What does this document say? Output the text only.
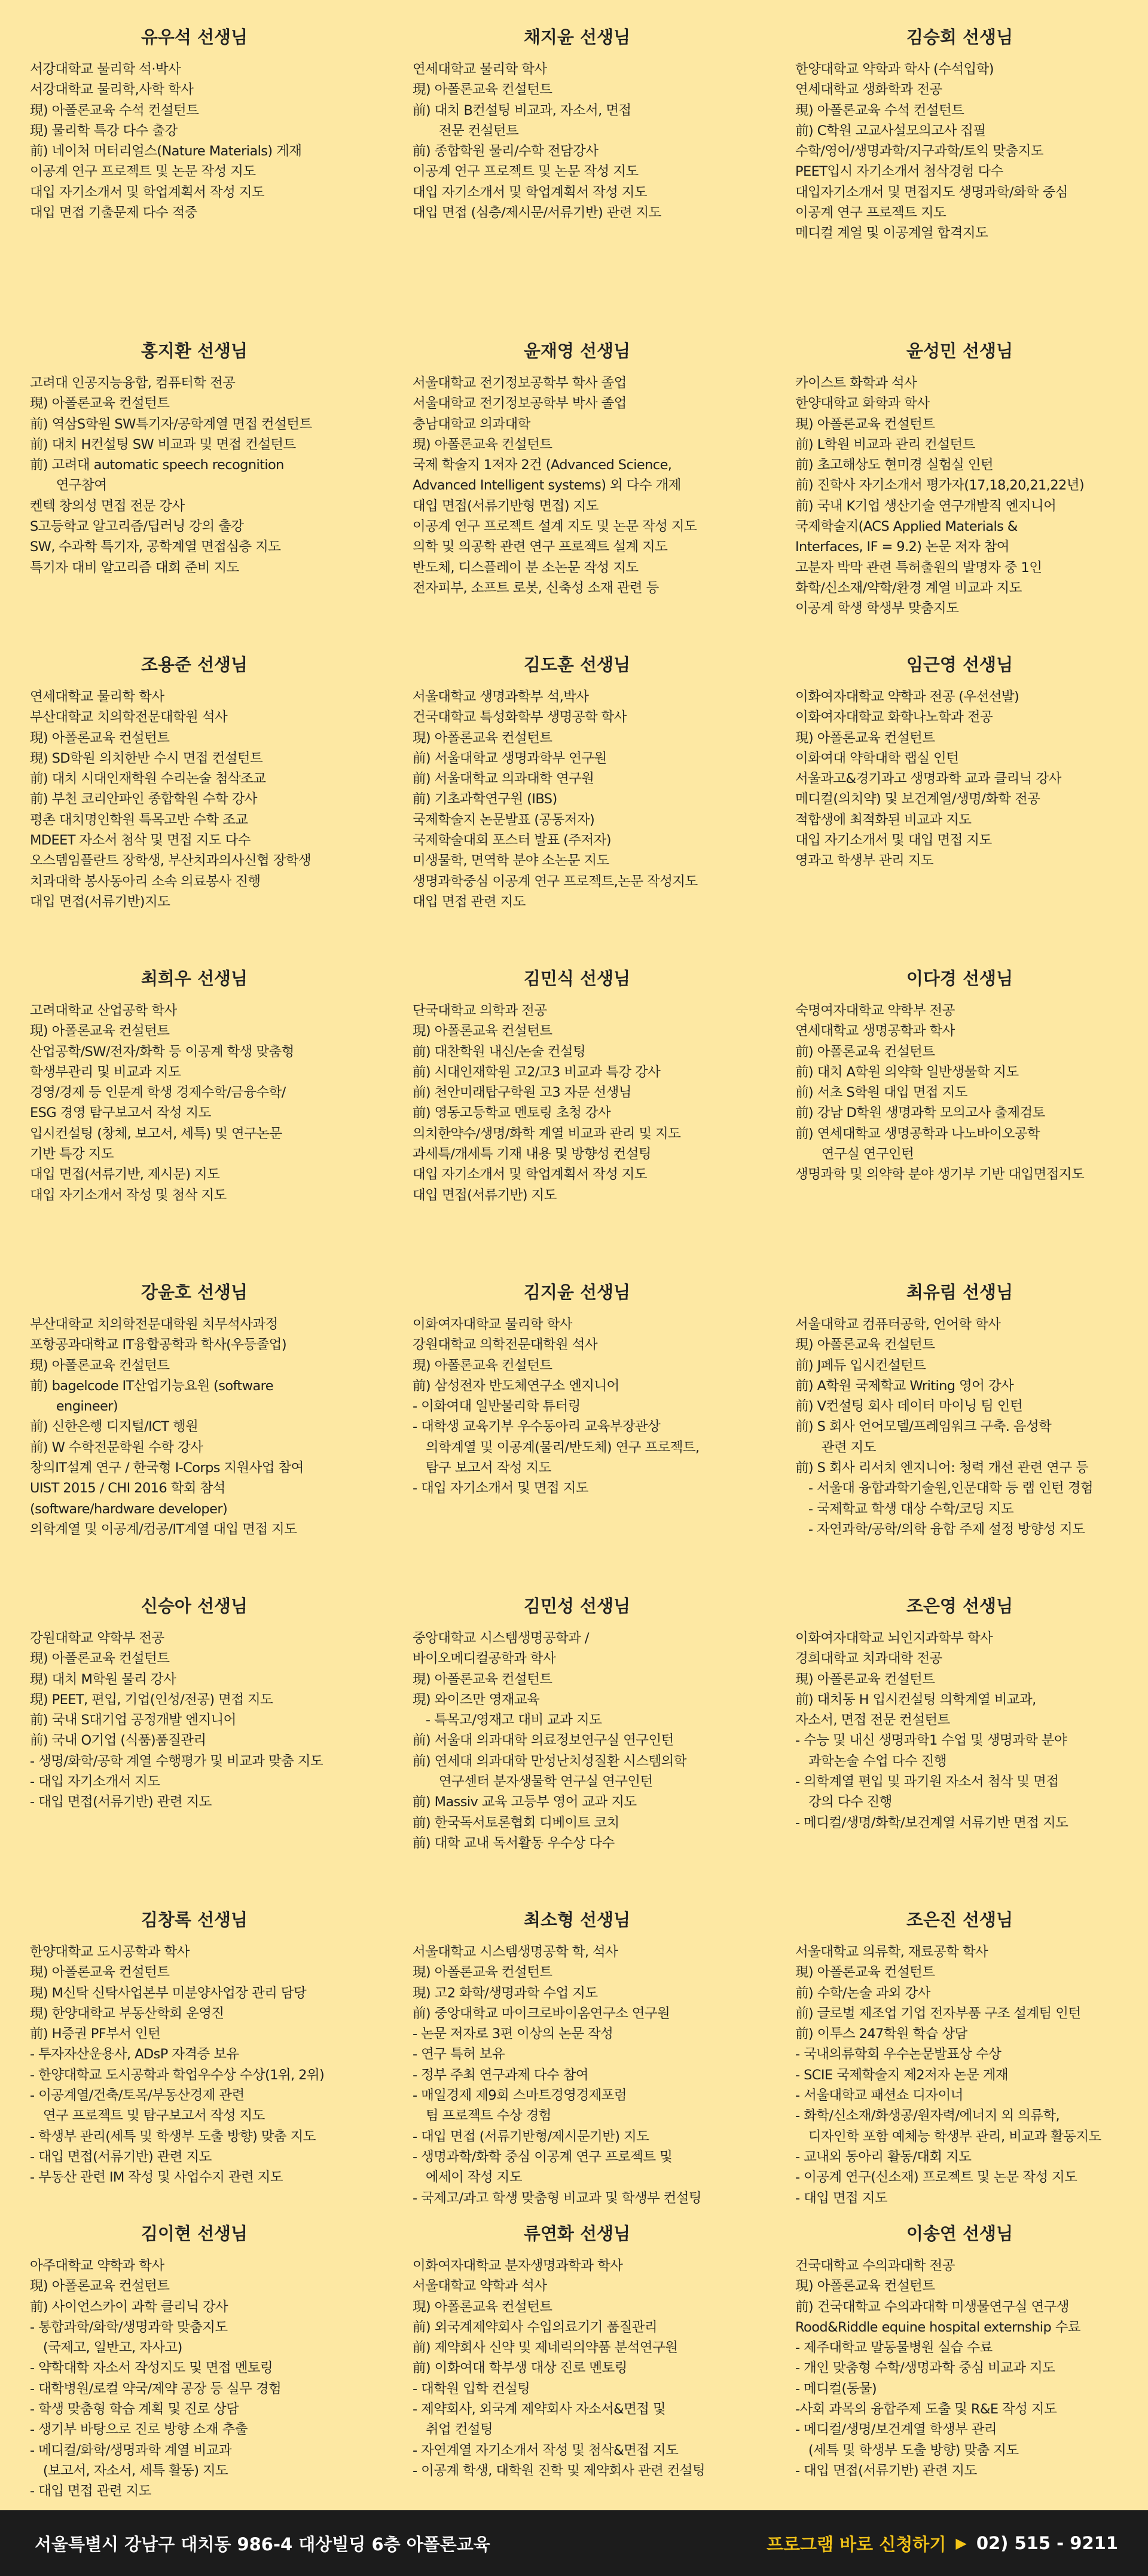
유우석 선생님
서강대학교 물리학 석·박사
서강대학교 물리학,사학 학사
現) 아폴론교육 수석 컨설턴트
現) 물리학 특강 다수 출강
前) 네이처 머터리얼스(Nature Materials) 게재
이공계 연구 프로젝트 및 논문 작성 지도
대입 자기소개서 및 학업계획서 작성 지도
대입 면접 기출문제 다수 적중
채지윤 선생님
연세대학교 물리학 학사
現) 아폴론교육 컨설턴트
前) 대치 B컨설팅 비교과, 자소서, 면접
　　전문 컨설턴트
前) 종합학원 물리/수학 전담강사
이공계 연구 프로젝트 및 논문 작성 지도
대입 자기소개서 및 학업계획서 작성 지도
대입 면접 (심층/제시문/서류기반) 관련 지도
김승회 선생님
한양대학교 약학과 학사 (수석입학)
연세대학교 생화학과 전공
現) 아폴론교육 수석 컨설턴트
前) C학원 고교사설모의고사 집필
수학/영어/생명과학/지구과학/토익 맞춤지도
PEET입시 자기소개서 첨삭경험 다수
대입자기소개서 및 면접지도 생명과학/화학 중심
이공계 연구 프로젝트 지도
메디컬 계열 및 이공계열 합격지도
홍지환 선생님
고려대 인공지능융합, 컴퓨터학 전공
現) 아폴론교육 컨설턴트
前) 역삼S학원 SW특기자/공학계열 면접 컨설턴트
前) 대치 H컨설팅 SW 비교과 및 면접 컨설턴트
前) 고려대 automatic speech recognition
　　연구참여
켄텍 창의성 면접 전문 강사
S고등학교 알고리즘/딥러닝 강의 출강
SW, 수과학 특기자, 공학계열 면접심층 지도
특기자 대비 알고리즘 대회 준비 지도
윤재영 선생님
서울대학교 전기정보공학부 학사 졸업
서울대학교 전기정보공학부 박사 졸업
충남대학교 의과대학
現) 아폴론교육 컨설턴트
국제 학술지 1저자 2건 (Advanced Science,
Advanced Intelligent systems) 외 다수 개제
대입 면접(서류기반형 면접) 지도
이공계 연구 프로젝트 설계 지도 및 논문 작성 지도
의학 및 의공학 관련 연구 프로젝트 설계 지도
반도체, 디스플레이 분 소논문 작성 지도
전자피부, 소프트 로봇, 신축성 소재 관련 등
윤성민 선생님
카이스트 화학과 석사
한양대학교 화학과 학사
現) 아폴론교육 컨설턴트
前) L학원 비교과 관리 컨설턴트
前) 초고해상도 현미경 실험실 인턴
前) 진학사 자기소개서 평가자(17,18,20,21,22년)
前) 국내 K기업 생산기술 연구개발직 엔지니어
국제학술지(ACS Applied Materials &
Interfaces, IF = 9.2) 논문 저자 참여
고분자 박막 관련 특허출원의 발명자 중 1인
화학/신소재/약학/환경 계열 비교과 지도
이공계 학생 학생부 맞춤지도
조용준 선생님
연세대학교 물리학 학사
부산대학교 치의학전문대학원 석사
現) 아폴론교육 컨설턴트
現) SD학원 의치한반 수시 면접 컨설턴트
前) 대치 시대인재학원 수리논술 첨삭조교
前) 부천 코리안파인 종합학원 수학 강사
평촌 대치명인학원 특목고반 수학 조교
MDEET 자소서 첨삭 및 면접 지도 다수
오스템임플란트 장학생, 부산치과의사신협 장학생
치과대학 봉사동아리 소속 의료봉사 진행
대입 면접(서류기반)지도
김도훈 선생님
서울대학교 생명과학부 석,박사
건국대학교 특성화학부 생명공학 학사
現) 아폴론교육 컨설턴트
前) 서울대학교 생명과학부 연구원
前) 서울대학교 의과대학 연구원
前) 기초과학연구원 (IBS)
국제학술지 논문발표 (공동저자)
국제학술대회 포스터 발표 (주저자)
미생물학, 면역학 분야 소논문 지도
생명과학중심 이공계 연구 프로젝트,논문 작성지도
대입 면접 관련 지도
임근영 선생님
이화여자대학교 약학과 전공 (우선선발)
이화여자대학교 화학나노학과 전공
現) 아폴론교육 컨설턴트
이화여대 약학대학 랩실 인턴
서울과고&경기과고 생명과학 교과 클리닉 강사
메디컬(의치약) 및 보건계열/생명/화학 전공
적합생에 최적화된 비교과 지도
대입 자기소개서 및 대입 면접 지도
영과고 학생부 관리 지도
최희우 선생님
고려대학교 산업공학 학사
現) 아폴론교육 컨설턴트
산업공학/SW/전자/화학 등 이공계 학생 맞춤형
학생부관리 및 비교과 지도
경영/경제 등 인문계 학생 경제수학/금융수학/
ESG 경영 탐구보고서 작성 지도
입시컨설팅 (창체, 보고서, 세특) 및 연구논문
기반 특강 지도
대입 면접(서류기반, 제시문) 지도
대입 자기소개서 작성 및 첨삭 지도
김민식 선생님
단국대학교 의학과 전공
現) 아폴론교육 컨설턴트
前) 대찬학원 내신/논술 컨설팅
前) 시대인재학원 고2/고3 비교과 특강 강사
前) 천안미래탑구학원 고3 자문 선생님
前) 영동고등학교 멘토링 초청 강사
의치한약수/생명/화학 계열 비교과 관리 및 지도
과세특/개세특 기재 내용 및 방향성 컨설팅
대입 자기소개서 및 학업계획서 작성 지도
대입 면접(서류기반) 지도
이다경 선생님
숙명여자대학교 약학부 전공
연세대학교 생명공학과 학사
前) 아폴론교육 컨설턴트
前) 대치 A학원 의약학 일반생물학 지도
前) 서초 S학원 대입 면접 지도
前) 강남 D학원 생명과학 모의고사 출제검토
前) 연세대학교 생명공학과 나노바이오공학
　　연구실 연구인턴
생명과학 및 의약학 분야 생기부 기반 대입면접지도
강윤호 선생님
부산대학교 치의학전문대학원 치무석사과정
포항공과대학교 IT융합공학과 학사(우등졸업)
現) 아폴론교육 컨설턴트
前) bagelcode IT산업기능요원 (software
　　engineer)
前) 신한은행 디지털/ICT 행원
前) W 수학전문학원 수학 강사
창의IT설계 연구 / 한국형 I-Corps 지원사업 참여
UIST 2015 / CHI 2016 학회 참석
(software/hardware developer)
의학계열 및 이공계/컴공/IT계열 대입 면접 지도
김지윤 선생님
이화여자대학교 물리학 학사
강원대학교 의학전문대학원 석사
現) 아폴론교육 컨설턴트
前) 삼성전자 반도체연구소 엔지니어
- 이화여대 일반물리학 튜터링
- 대학생 교육기부 우수동아리 교육부장관상
　의학계열 및 이공계(물리/반도체) 연구 프로젝트,
　탐구 보고서 작성 지도
- 대입 자기소개서 및 면접 지도
최유림 선생님
서울대학교 컴퓨터공학, 언어학 학사
現) 아폴론교육 컨설턴트
前) J페듀 입시컨설턴트
前) A학원 국제학교 Writing 영어 강사
前) V컨설팅 회사 데이터 마이닝 팀 인턴
前) S 회사 언어모델/프레임워크 구축. 음성학
　　관련 지도
前) S 회사 리서치 엔지니어: 청력 개선 관련 연구 등
　- 서울대 융합과학기술원,인문대학 등 랩 인턴 경험
　- 국제학교 학생 대상 수학/코딩 지도
　- 자연과학/공학/의학 융합 주제 설정 방향성 지도
신승아 선생님
강원대학교 약학부 전공
現) 아폴론교육 컨설턴트
現) 대치 M학원 물리 강사
現) PEET, 편입, 기업(인성/전공) 면접 지도
前) 국내 S대기업 공정개발 엔지니어
前) 국내 O기업 (식품)품질관리
- 생명/화학/공학 계열 수행평가 및 비교과 맞춤 지도
- 대입 자기소개서 지도
- 대입 면접(서류기반) 관련 지도
김민성 선생님
중앙대학교 시스템생명공학과 /
바이오메디컬공학과 학사
現) 아폴론교육 컨설턴트
現) 와이즈만 영재교육
　- 특목고/영재고 대비 교과 지도
前) 서울대 의과대학 의료정보연구실 연구인턴
前) 연세대 의과대학 만성난치성질환 시스템의학
　　연구센터 분자생물학 연구실 연구인턴
前) Massiv 교육 고등부 영어 교과 지도
前) 한국독서토론협회 디베이트 코치
前) 대학 교내 독서활동 우수상 다수
조은영 선생님
이화여자대학교 뇌인지과학부 학사
경희대학교 치과대학 전공
現) 아폴론교육 컨설턴트
前) 대치동 H 입시컨설팅 의학계열 비교과,
자소서, 면접 전문 컨설턴트
- 수능 및 내신 생명과학1 수업 및 생명과학 분야
　과학논술 수업 다수 진행
- 의학계열 편입 및 과기원 자소서 첨삭 및 면접
　강의 다수 진행
- 메디컬/생명/화학/보건계열 서류기반 면접 지도
김창록 선생님
한양대학교 도시공학과 학사
現) 아폴론교육 컨설턴트
現) M신탁 신탁사업본부 미분양사업장 관리 담당
現) 한양대학교 부동산학회 운영진
前) H증권 PF부서 인턴
- 투자자산운용사, ADsP 자격증 보유
- 한양대학교 도시공학과 학업우수상 수상(1위, 2위)
- 이공계열/건축/토목/부동산경제 관련
　연구 프로젝트 및 탐구보고서 작성 지도
- 학생부 관리(세특 및 학생부 도출 방향) 맞춤 지도
- 대입 면접(서류기반) 관련 지도
- 부동산 관련 IM 작성 및 사업수지 관련 지도
최소형 선생님
서울대학교 시스템생명공학 학, 석사
現) 아폴론교육 컨설턴트
現) 고2 화학/생명과학 수업 지도
前) 중앙대학교 마이크로바이옴연구소 연구원
- 논문 저자로 3편 이상의 논문 작성
- 연구 특허 보유
- 정부 주최 연구과제 다수 참여
- 매일경제 제9회 스마트경영경제포럼
　팀 프로젝트 수상 경험
- 대입 면접 (서류기반형/제시문기반) 지도
- 생명과학/화학 중심 이공계 연구 프로젝트 및
　에세이 작성 지도
- 국제고/과고 학생 맞춤형 비교과 및 학생부 컨설팅
조은진 선생님
서울대학교 의류학, 재료공학 학사
現) 아폴론교육 컨설턴트
前) 수학/논술 과외 강사
前) 글로벌 제조업 기업 전자부품 구조 설계팀 인턴
前) 이투스 247학원 학습 상담
- 국내의류학회 우수논문발표상 수상
- SCIE 국제학술지 제2저자 논문 게재
- 서울대학교 패션쇼 디자이너
- 화학/신소재/화생공/원자력/에너지 외 의류학,
　디자인학 포함 예체능 학생부 관리, 비교과 활동지도
- 교내외 동아리 활동/대회 지도
- 이공계 연구(신소재) 프로젝트 및 논문 작성 지도
- 대입 면접 지도
김이현 선생님
아주대학교 약학과 학사
現) 아폴론교육 컨설턴트
前) 사이언스카이 과학 클리닉 강사
- 통합과학/화학/생명과학 맞춤지도
　(국제고, 일반고, 자사고)
- 약학대학 자소서 작성지도 및 면접 멘토링
- 대학병원/로컬 약국/제약 공장 등 실무 경험
- 학생 맞춤형 학습 계획 및 진로 상담
- 생기부 바탕으로 진로 방향 소재 추출
- 메디컬/화학/생명과학 계열 비교과
　(보고서, 자소서, 세특 활동) 지도
- 대입 면접 관련 지도
류연화 선생님
이화여자대학교 분자생명과학과 학사
서울대학교 약학과 석사
現) 아폴론교육 컨설턴트
前) 외국계제약회사 수입의료기기 품질관리
前) 제약회사 신약 및 제네릭의약품 분석연구원
前) 이화여대 학부생 대상 진로 멘토링
- 대학원 입학 컨설팅
- 제약회사, 외국계 제약회사 자소서&면접 및
　취업 컨설팅
- 자연계열 자기소개서 작성 및 첨삭&면접 지도
- 이공계 학생, 대학원 진학 및 제약회사 관련 컨설팅
이송연 선생님
건국대학교 수의과대학 전공
現) 아폴론교육 컨설턴트
前) 건국대학교 수의과대학 미생물연구실 연구생
Rood&Riddle equine hospital externship 수료
- 제주대학교 말동물병원 실습 수료
- 개인 맞춤형 수학/생명과학 중심 비교과 지도
- 메디컬(동물)
-사회 과목의 융합주제 도출 및 R&E 작성 지도
- 메디컬/생명/보건계열 학생부 관리
　(세특 및 학생부 도출 방향) 맞춤 지도
- 대입 면접(서류기반) 관련 지도
서울특별시 강남구 대치동 986-4 대상빌딩 6층 아폴론교육	프로그램 바로 신청하기 ▶ 02) 515 - 9211
